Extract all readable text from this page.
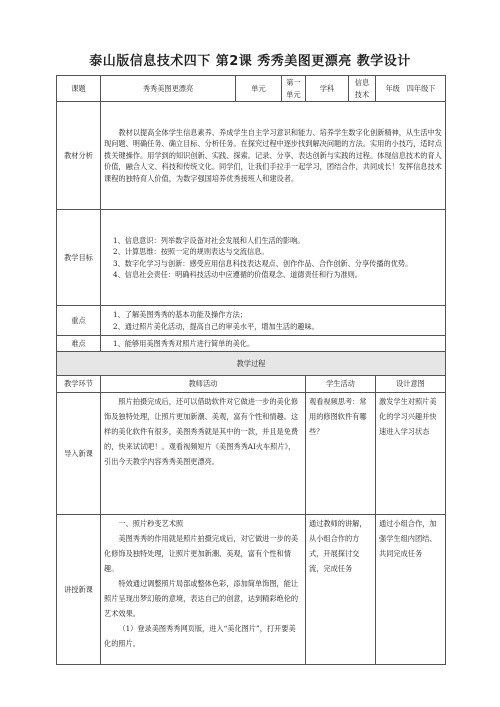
泰山版信息技术四下 第2课 秀秀美图更漂亮 教学设计
课题	秀秀美图更漂亮	单元	第一单元	学科	信息技术	年级 四年级下
教材分析	教材以提高全体学生信息素养、养成学生自主学习意识和能力、培养学生数字化创新精神，从生活中发现问题、明确任务、确立目标、分析任务。在探究过程中逐步找到解决问题的方法。实用的小技巧，适时点拨关键操作。用学到的知识创新、实践、探索。记录、分享、表达创新与实践的过程。体现信息技术的育人价值，融合人文、科技和传统文化。同学们，让我们手拉手一起学习，团结合作，共同成长！发挥信息技术课程的独特育人价值，为数字强国培养优秀接班人和建设者。					

教学目标	1、信息意识：列举数字设备对社会发展和人们生活的影响。

2、计算思维：按照一定的规则表达与交流信息。

3、数字化学习与创新：感受应用信息科技表达观点、创作作品、合作创新、分享传播的优势。

4、信息社会责任：明确科技活动中应遵循的价值观念、道德责任和行为准则。					

重点	1、了解美图秀秀的基本功能及操作方法；

2、通过照片美化活动，提高自己的审美水平，增加生活的趣味。					

难点	1、能够用美图秀秀对照片进行简单的美化。					
教学过程						
教学环节	教师活动			学生活动		设计意图
导入新课	照片拍摄完成后，还可以借助软件对它做进一步的美化修饰及独特处理，让照片更加新潮、美观，富有个性和情趣。这样的美化软件有很多，美图秀秀就是其中的一款，并且是免费的，快来试试吧！。观看视频短片《美图秀秀AI火车照片》，引出今天教学内容秀秀美图更漂亮。			观看视频思考：常用的修图软件有哪些？		激发学生对照片美化的学习兴趣并快速进入学习状态

讲授新课	一、照片秒变艺术照

美图秀秀的作用就是照片拍摄完成后，对它做进一步的美化修饰及独特处理，让照片更加新潮、美观，富有个性和情趣。

特效通过调整照片局部或整体色彩，添加简单饰图，能让照片呈现出梦幻般的意境，表达自己的创意，达到精彩绝伦的艺术效果。

（1）登录美图秀秀网页版，进入“美化图片”，打开要美化的照片。			通过教师的讲解，从小组合作的方式，开展探讨交流，完成任务		通过小组合作，加强学生组内团结、共同完成任务
